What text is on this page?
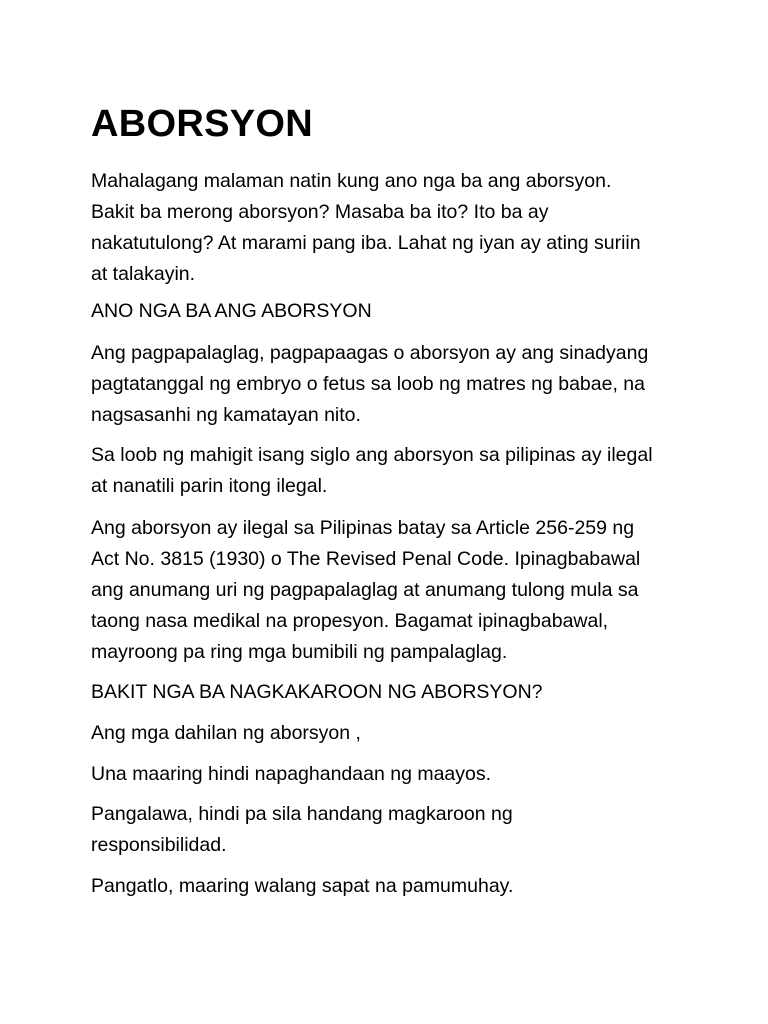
ABORSYON

Mahalagang malaman natin kung ano nga ba ang aborsyon.
Bakit ba merong aborsyon? Masaba ba ito? Ito ba ay
nakatutulong? At marami pang iba. Lahat ng iyan ay ating suriin
at talakayin.

ANO NGA BA ANG ABORSYON

Ang pagpapalaglag, pagpapaagas o aborsyon ay ang sinadyang
pagtatanggal ng embryo o fetus sa loob ng matres ng babae, na
nagsasanhi ng kamatayan nito.

Sa loob ng mahigit isang siglo ang aborsyon sa pilipinas ay ilegal
at nanatili parin itong ilegal.

Ang aborsyon ay ilegal sa Pilipinas batay sa Article 256-259 ng
Act No. 3815 (1930) o The Revised Penal Code. Ipinagbabawal
ang anumang uri ng pagpapalaglag at anumang tulong mula sa
taong nasa medikal na propesyon. Bagamat ipinagbabawal,
mayroong pa ring mga bumibili ng pampalaglag.

BAKIT NGA BA NAGKAKAROON NG ABORSYON?

Ang mga dahilan ng aborsyon ,

Una maaring hindi napaghandaan ng maayos.

Pangalawa, hindi pa sila handang magkaroon ng
responsibilidad.

Pangatlo, maaring walang sapat na pamumuhay.
